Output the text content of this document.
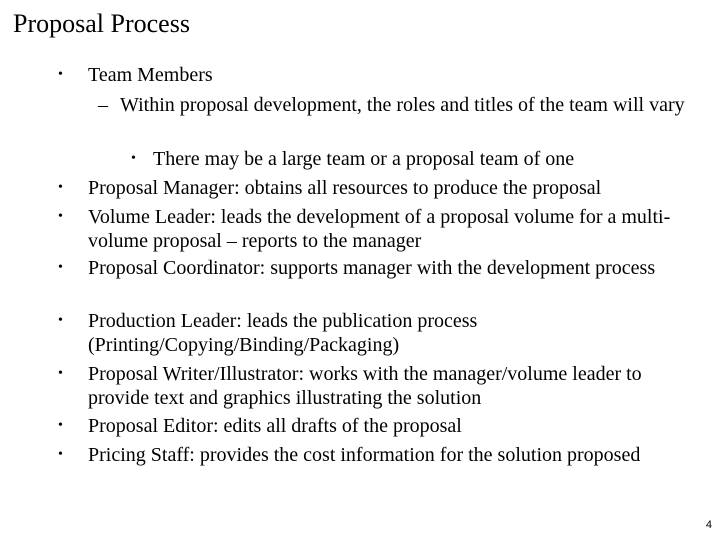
Proposal Process
•	Team Members
– Within proposal development, the roles and titles of the team will vary
• There may be a large team or a proposal team of one
•	Proposal Manager: obtains all resources to produce the proposal
•	Volume Leader: leads the development of a proposal volume for a multi-volume proposal – reports to the manager
•	Proposal Coordinator: supports manager with the development process
•	Production Leader: leads the publication process (Printing/Copying/Binding/Packaging)
•	Proposal Writer/Illustrator: works with the manager/volume leader to provide text and graphics illustrating the solution
•	Proposal Editor: edits all drafts of the proposal
•	Pricing Staff: provides the cost information for the solution proposed
4
